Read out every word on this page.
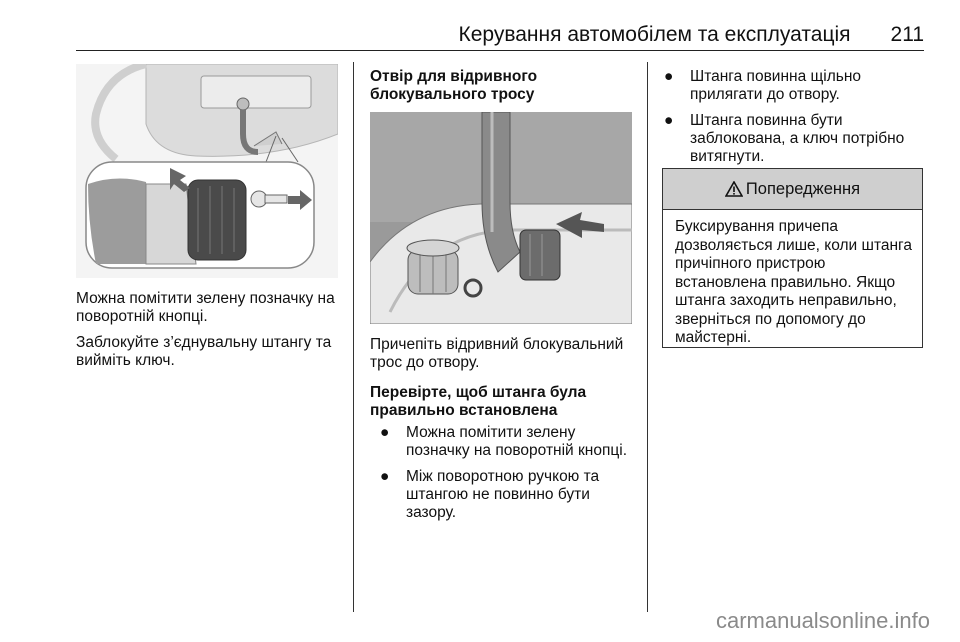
Керування автомобілем та експлуатація 211

Можна помітити зелену позначку на поворотній кнопці.

Заблокуйте з’єднувальну штангу та вийміть ключ.

Отвір для відривного блокувального тросу

Причепіть відривний блокувальний трос до отвору.

Перевірте, щоб штанга була правильно встановлена
●	Можна помітити зелену позначку на поворотній кнопці.
●	Між поворотною ручкою та штангою не повинно бути зазору.
●	Штанга повинна щільно прилягати до отвору.
●	Штанга повинна бути заблокована, а ключ потрібно витягнути.
Попередження
Буксирування причепа дозволяється лише, коли штанга причіпного пристрою встановлена правильно. Якщо штанга заходить неправильно, зверніться по допомогу до майстерні.
carmanualsonline.info
